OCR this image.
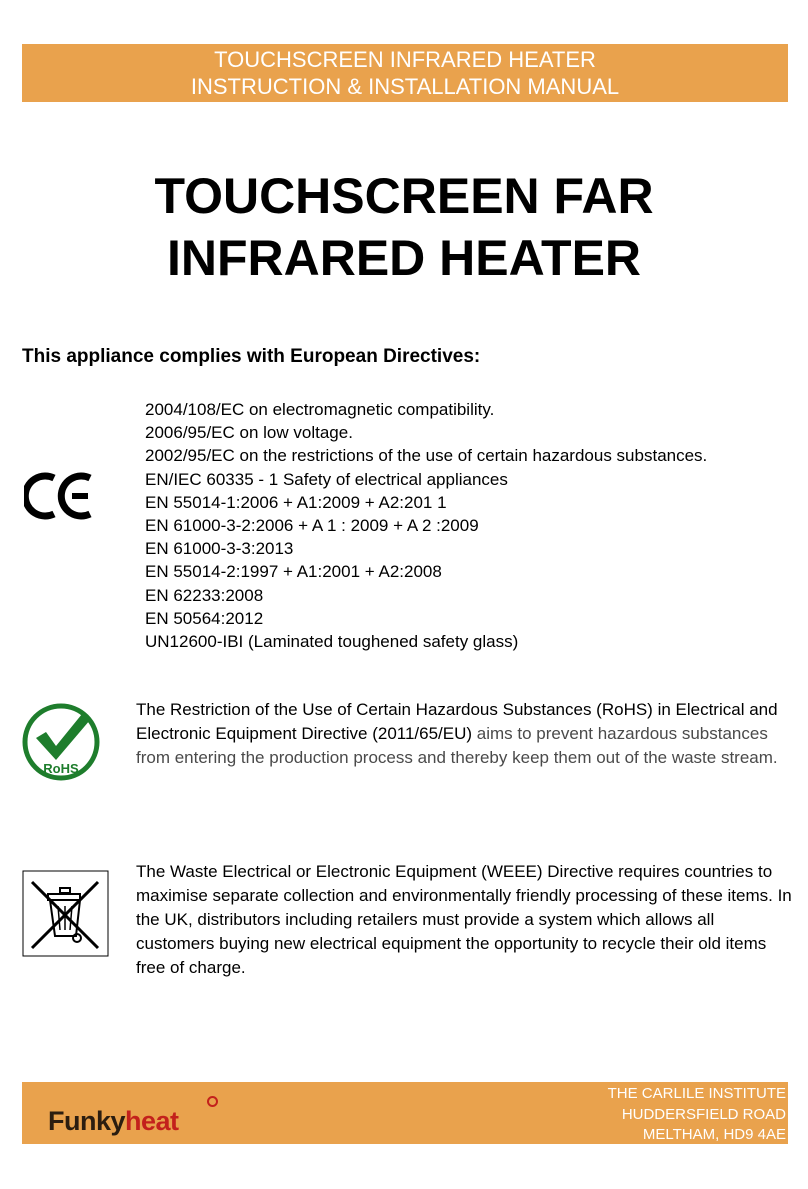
TOUCHSCREEN INFRARED HEATER
INSTRUCTION & INSTALLATION MANUAL
TOUCHSCREEN FAR
INFRARED HEATER
This appliance complies with European Directives:
2004/108/EC on electromagnetic compatibility.
2006/95/EC on low voltage.
2002/95/EC on the restrictions of the use of certain hazardous substances.
EN/IEC 60335 - 1 Safety of electrical appliances
EN 55014-1:2006 + A1:2009 + A2:201 1
EN 61000-3-2:2006 + A 1 : 2009 + A 2 :2009
EN 61000-3-3:2013
EN 55014-2:1997 + A1:2001 + A2:2008
EN 62233:2008
EN 50564:2012
UN12600-IBI (Laminated toughened safety glass)
RoHS
The Restriction of the Use of Certain Hazardous Substances (RoHS) in Electrical and Electronic Equipment Directive (2011/65/EU) aims to prevent hazardous substances from entering the production process and thereby keep them out of the waste stream.
The Waste Electrical or Electronic Equipment (WEEE) Directive requires countries to maximise separate collection and environmentally friendly processing of these items. In the UK, distributors including retailers must provide a system which allows all customers buying new electrical equipment the opportunity to recycle their old items free of charge.
Funkyheat
THE CARLILE INSTITUTE
HUDDERSFIELD ROAD
MELTHAM, HD9 4AE
